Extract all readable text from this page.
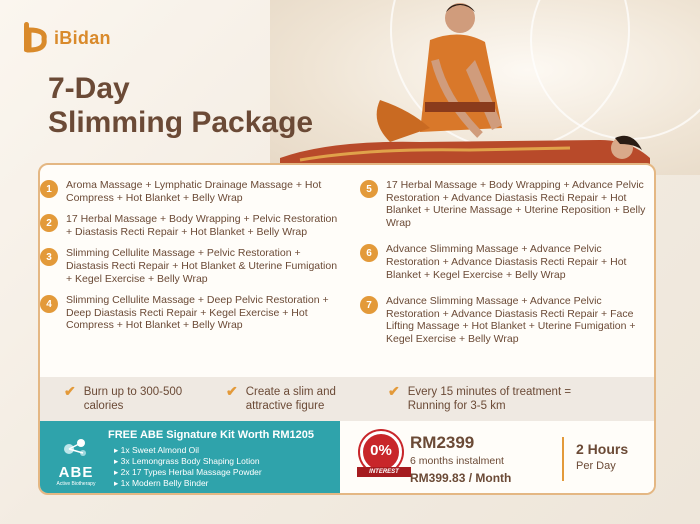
iBidan
7-Day
Slimming Package
1	Aroma Massage + Lymphatic Drainage Massage + Hot Compress + Hot Blanket + Belly Wrap
2	17 Herbal Massage + Body Wrapping + Pelvic Restoration + Diastasis Recti Repair + Hot Blanket + Belly Wrap
3	Slimming Cellulite Massage + Pelvic Restoration + Diastasis Recti Repair + Hot Blanket & Uterine Fumigation + Kegel Exercise + Belly Wrap
4	Slimming Cellulite Massage + Deep Pelvic Restoration + Deep Diastasis Recti Repair + Kegel Exercise + Hot Compress + Hot Blanket + Belly Wrap
5	17 Herbal Massage + Body Wrapping + Advance Pelvic Restoration + Advance Diastasis Recti Repair + Hot Blanket + Uterine Massage + Uterine Reposition + Belly Wrap
6	Advance Slimming Massage + Advance Pelvic Restoration + Advance Diastasis Recti Repair + Hot Blanket + Kegel Exercise + Belly Wrap
7	Advance Slimming Massage + Advance Pelvic Restoration + Advance Diastasis Recti Repair + Face Lifting Massage + Hot Blanket + Uterine Fumigation + Kegel Exercise + Belly Wrap
✔ Burn up to 300-500
calories
✔ Create a slim and
attractive figure
✔ Every 15 minutes of treatment =
Running for 3-5 km
ABE
Active Biotherapy
FREE ABE Signature Kit Worth RM1205
▸ 1x Sweet Almond Oil
▸ 3x Lemongrass Body Shaping Lotion
▸ 2x 17 Types Herbal Massage Powder
▸ 1x Modern Belly Binder
0%
INTEREST
RM2399
6 months instalment
RM399.83 / Month
2 Hours
Per Day
